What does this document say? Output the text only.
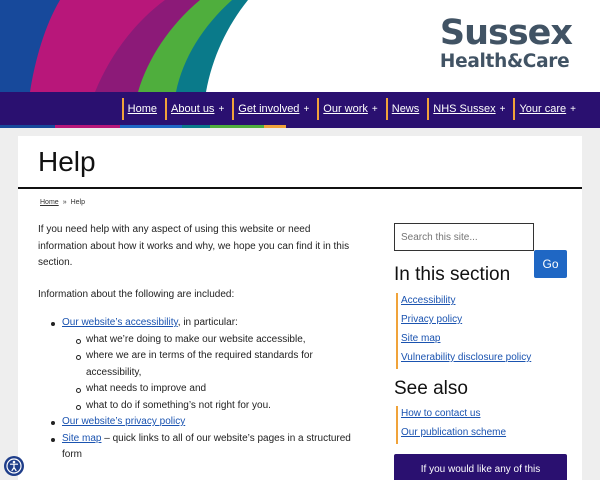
Sussex
Health&Care
Home About us + Get involved + Our work + News NHS Sussex + Your care +
Help
Home » Help

If you need help with any aspect of using this website or need information about how it works and why, we hope you can find it in this section.

Information about the following are included:

Our website’s accessibility, in particular:
what we’re doing to make our website accessible,
where we are in terms of the required standards for accessibility,
what needs to improve and
what to do if something’s not right for you.
Our website’s privacy policy
Site map – quick links to all of our website’s pages in a structured form
Search this site...
Go
In this section
Accessibility
Privacy policy
Site map
Vulnerability disclosure policy
See also
How to contact us
Our publication scheme
If you would like any of this
